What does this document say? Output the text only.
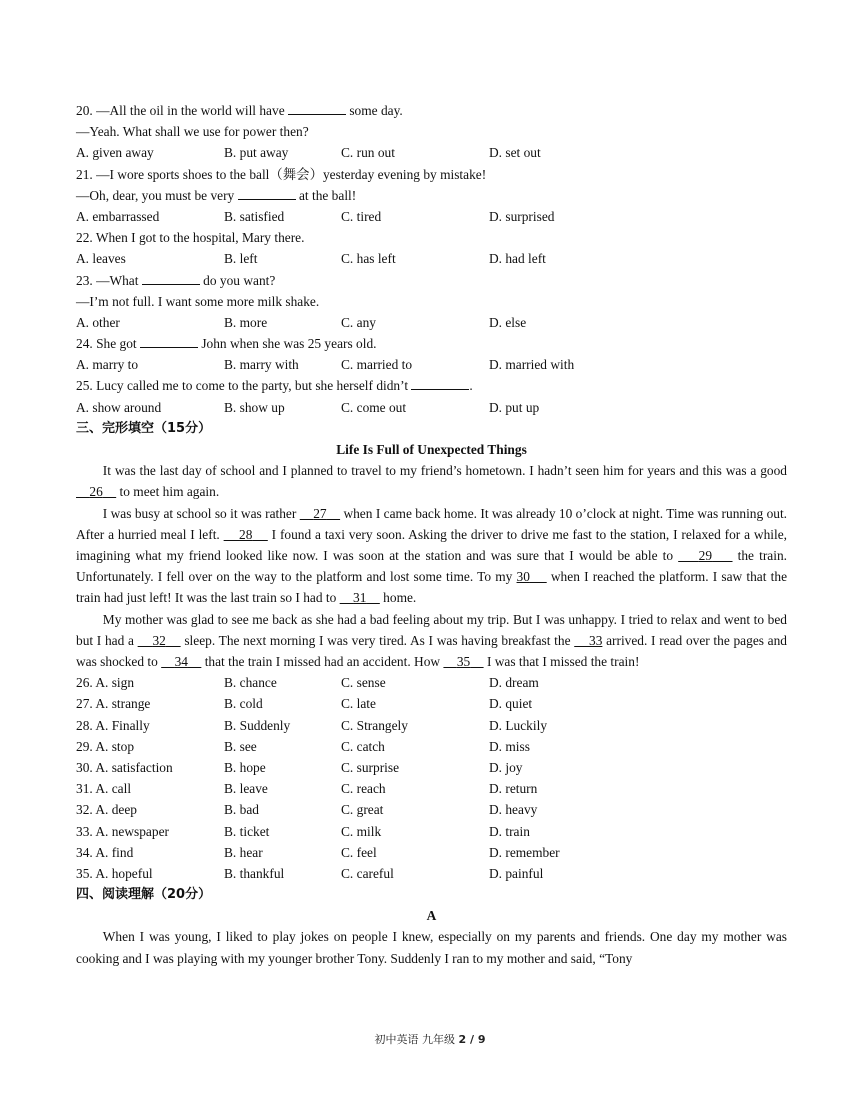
20. —All the oil in the world will have	some day.
—Yeah. What shall we use for power then?
A. given away	B. put away	C. run out	D. set out
21. —I wore sports shoes to the ball（舞会）yesterday evening by mistake!
—Oh, dear, you must be very	at the ball!
A. embarrassed	B. satisfied	C. tired	D. surprised
22. When I got to the hospital, Mary there.
A. leaves	B. left	C. has left	D. had left
23. —What	do you want?
—I’m not full. I want some more milk shake.
A. other	B. more	C. any	D. else
24. She got	John when she was 25 years old.
A. marry to	B. marry with	C. married to	D. married with
25. Lucy called me to come to the party, but she herself didn’t	.
A. show around	B. show up	C. come out	D. put up
三、完形填空（15分）
Life Is Full of Unexpected Things

It was the last day of school and I planned to travel to my friend’s hometown. I hadn’t seen him for years and this was a good     26     to meet him again.

I was busy at school so it was rather     27     when I came back home. It was already 10 o’clock at night. Time was running out. After a hurried meal I left.     28     I found a taxi very soon. Asking the driver to drive me fast to the station, I relaxed for a while, imagining what my friend looked like now. I was soon at the station and was sure that I would be able to     29     the train. Unfortunately. I fell over on the way to the platform and lost some time. To my 30     when I reached the platform. I saw that the train had just left! It was the last train so I had to     31     home.

My mother was glad to see me back as she had a bad feeling about my trip. But I was unhappy. I tried to relax and went to bed but I had a     32     sleep. The next morning I was very tired. As I was having breakfast the     33 arrived. I read over the pages and was shocked to     34     that the train I missed had an accident. How     35     I was that I missed the train!

26. A. sign	B. chance	C. sense	D. dream
27. A. strange	B. cold	C. late	D. quiet
28. A. Finally	B. Suddenly	C. Strangely	D. Luckily
29. A. stop	B. see	C. catch	D. miss
30. A. satisfaction	B. hope	C. surprise	D. joy
31. A. call	B. leave	C. reach	D. return
32. A. deep	B. bad	C. great	D. heavy
33. A. newspaper	B. ticket	C. milk	D. train
34. A. find	B. hear	C. feel	D. remember
35. A. hopeful	B. thankful	C. careful	D. painful
四、阅读理解（20分）
A

When I was young, I liked to play jokes on people I knew, especially on my parents and friends. One day my mother was cooking and I was playing with my younger brother Tony. Suddenly I ran to my mother and said, “Tony

初中英语 九年级 2 / 9
